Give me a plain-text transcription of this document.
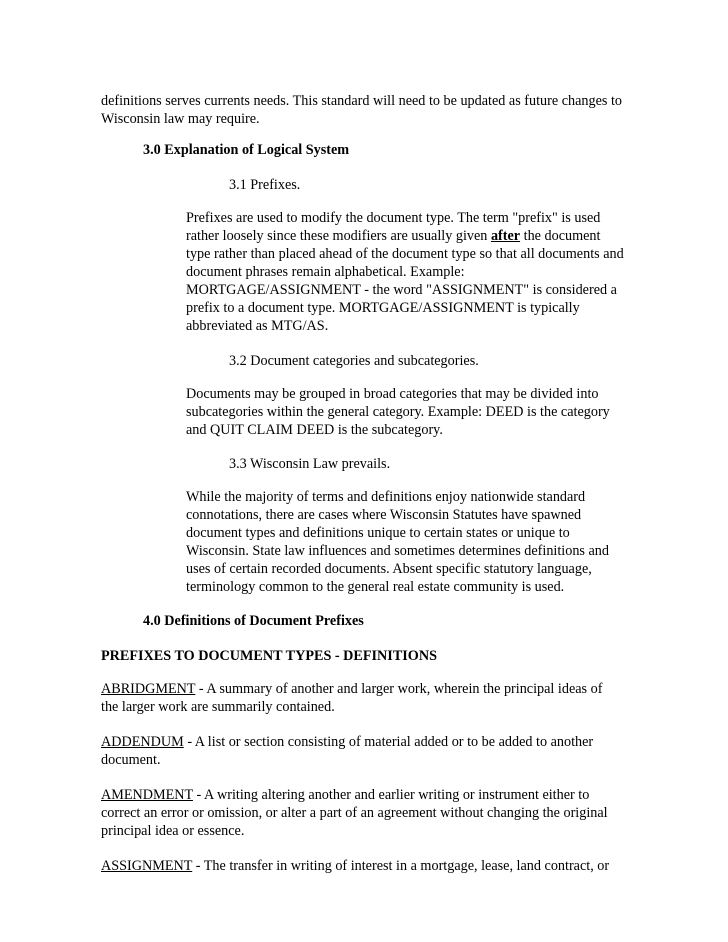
definitions serves currents needs. This standard will need to be updated as future changes to

Wisconsin law may require.

3.0 Explanation of Logical System

3.1 Prefixes.

Prefixes are used to modify the document type. The term "prefix" is used

rather loosely since these modifiers are usually given after the document

type rather than placed ahead of the document type so that all documents and

document phrases remain alphabetical. Example:

MORTGAGE/ASSIGNMENT - the word "ASSIGNMENT" is considered a

prefix to a document type. MORTGAGE/ASSIGNMENT is typically

abbreviated as MTG/AS.

3.2 Document categories and subcategories.

Documents may be grouped in broad categories that may be divided into

subcategories within the general category. Example: DEED is the category

and QUIT CLAIM DEED is the subcategory.

3.3 Wisconsin Law prevails.

While the majority of terms and definitions enjoy nationwide standard

connotations, there are cases where Wisconsin Statutes have spawned

document types and definitions unique to certain states or unique to

Wisconsin. State law influences and sometimes determines definitions and

uses of certain recorded documents. Absent specific statutory language,

terminology common to the general real estate community is used.

4.0 Definitions of Document Prefixes

PREFIXES TO DOCUMENT TYPES - DEFINITIONS

ABRIDGMENT - A summary of another and larger work, wherein the principal ideas of

the larger work are summarily contained.

ADDENDUM - A list or section consisting of material added or to be added to another

document.

AMENDMENT - A writing altering another and earlier writing or instrument either to

correct an error or omission, or alter a part of an agreement without changing the original

principal idea or essence.

ASSIGNMENT - The transfer in writing of interest in a mortgage, lease, land contract, or
